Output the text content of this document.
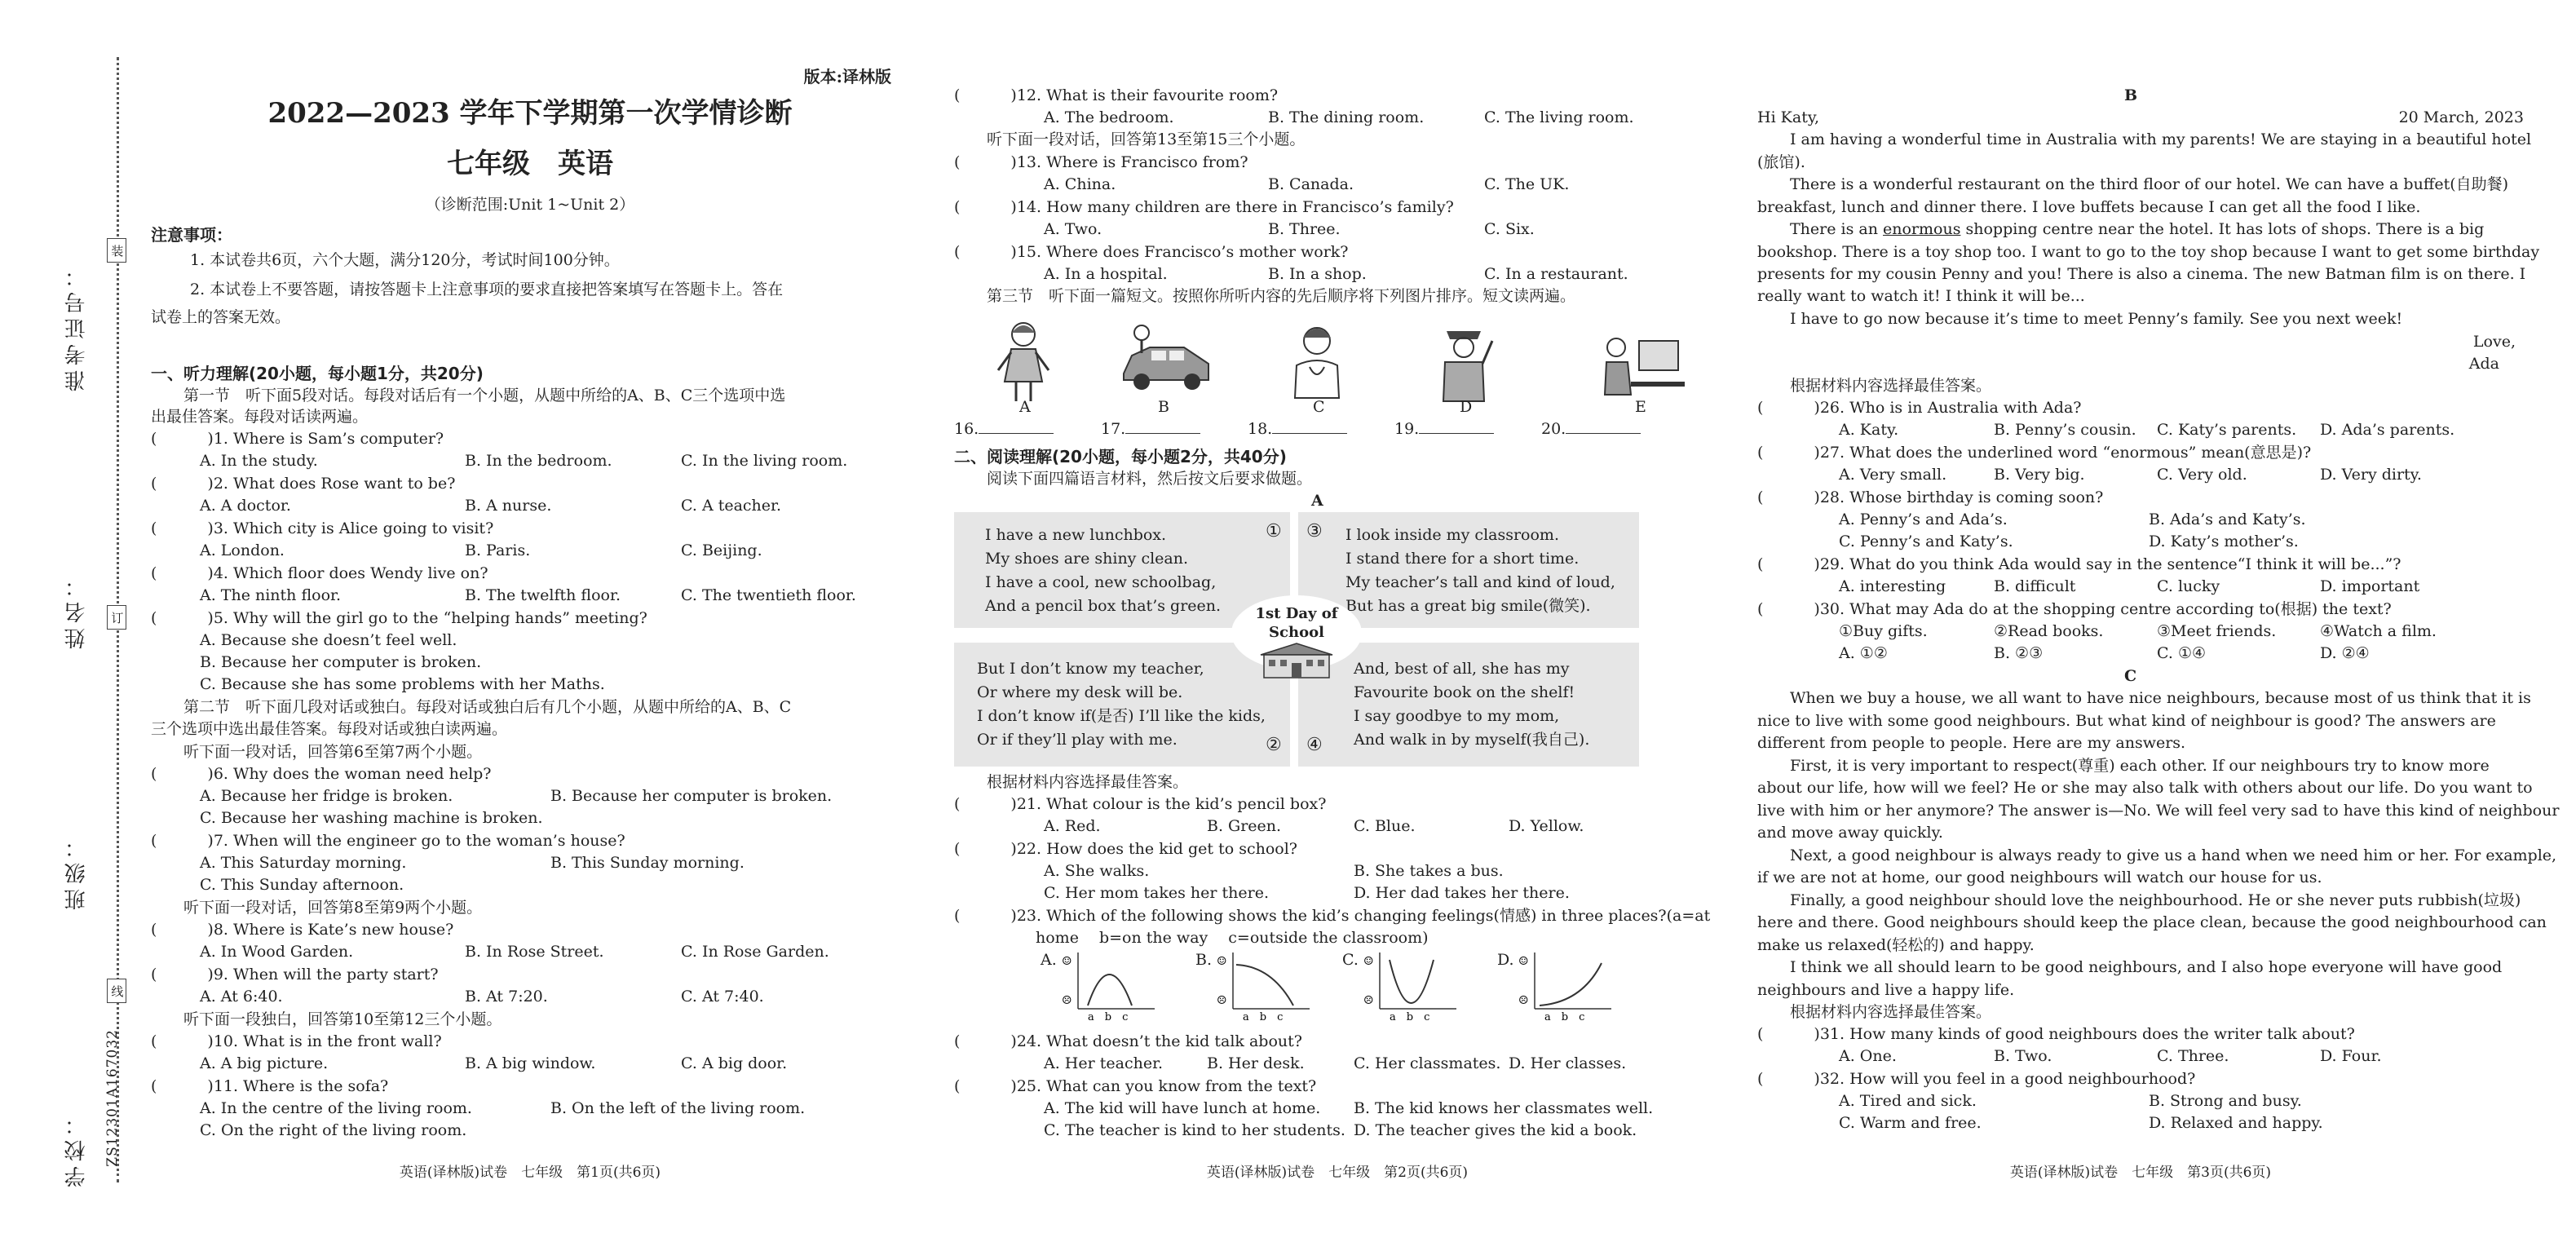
装
订
线
准考证号：
姓名：
班级：
学校： ZS12301A167032
版本:译林版
2022—2023 学年下学期第一次学情诊断
七年级　英语
（诊断范围:Unit 1~Unit 2）
注意事项：
1. 本试卷共6页，六个大题，满分120分，考试时间100分钟。
2. 本试卷上不要答题，请按答题卡上注意事项的要求直接把答案填写在答题卡上。答在
试卷上的答案无效。
一、听力理解(20小题，每小题1分，共20分)
第一节　听下面5段对话。每段对话后有一个小题，从题中所给的A、B、C三个选项中选
出最佳答案。每段对话读两遍。
(	)1. Where is Sam’s computer?
A. In the study.	B. In the bedroom.	C. In the living room.
(	)2. What does Rose want to be?
A. A doctor.	B. A nurse.	C. A teacher.
(	)3. Which city is Alice going to visit?
A. London.	B. Paris.	C. Beijing.
(	)4. Which floor does Wendy live on?
A. The ninth floor.	B. The twelfth floor.	C. The twentieth floor.
(	)5. Why will the girl go to the “helping hands” meeting?
A. Because she doesn’t feel well.
B. Because her computer is broken.
C. Because she has some problems with her Maths.
第二节　听下面几段对话或独白。每段对话或独白后有几个小题，从题中所给的A、B、C
三个选项中选出最佳答案。每段对话或独白读两遍。
听下面一段对话，回答第6至第7两个小题。
(	)6. Why does the woman need help?
A. Because her fridge is broken.	B. Because her computer is broken.
C. Because her washing machine is broken.
(	)7. When will the engineer go to the woman’s house?
A. This Saturday morning.	B. This Sunday morning.
C. This Sunday afternoon.
听下面一段对话，回答第8至第9两个小题。
(	)8. Where is Kate’s new house?
A. In Wood Garden.	B. In Rose Street.	C. In Rose Garden.
(	)9. When will the party start?
A. At 6:40.	B. At 7:20.	C. At 7:40.
听下面一段独白，回答第10至第12三个小题。
(	)10. What is in the front wall?
A. A big picture.	B. A big window.	C. A big door.
(	)11. Where is the sofa?
A. In the centre of the living room.	B. On the left of the living room.
C. On the right of the living room.
英语(译林版)试卷　七年级　第1页(共6页)
(	)12. What is their favourite room?
A. The bedroom.	B. The dining room.	C. The living room.
听下面一段对话，回答第13至第15三个小题。
(	)13. Where is Francisco from?
A. China.	B. Canada.	C. The UK.
(	)14. How many children are there in Francisco’s family?
A. Two.	B. Three.	C. Six.
(	)15. Where does Francisco’s mother work?
A. In a hospital.	B. In a shop.	C. In a restaurant.
第三节　听下面一篇短文。按照你所听内容的先后顺序将下列图片排序。短文读两遍。
A	B	C	D	E
16.	17.	18.	19.	20.
二、阅读理解(20小题，每小题2分，共40分)
阅读下面四篇语言材料，然后按文后要求做题。
A
I have a new lunchbox.
My shoes are shiny clean.
I have a cool, new schoolbag,
And a pencil box that’s green.
① ③ I look inside my classroom.
I stand there for a short time.
My teacher’s tall and kind of loud,
But has a great big smile(微笑).
But I don’t know my teacher,
Or where my desk will be.
I don’t know if(是否) I’ll like the kids,
Or if they’ll play with me.	② ④
And, best of all, she has my
Favourite book on the shelf!
I say goodbye to my mom,
And walk in by myself(我自己).
1st Day of School
根据材料内容选择最佳答案。
(	)21. What colour is the kid’s pencil box?
A. Red.	B. Green.	C. Blue.	D. Yellow.
(	)22. How does the kid get to school?
A. She walks.	B. She takes a bus.
C. Her mom takes her there.	D. Her dad takes her there.
(	)23. Which of the following shows the kid’s changing feelings(情感) in three places?(a=at
home　 b=on the way　 c=outside the classroom)
A. ☺
☹
a　b　c
B. ☺
☹
a　b　c
C. ☺
☹
a　b　c
D. ☺
☹
a　b　c
(	)24. What doesn’t the kid talk about?
A. Her teacher.	B. Her desk.	C. Her classmates. D. Her classes.
(	)25. What can you know from the text?
A. The kid will have lunch at home. B. The kid knows her classmates well.
C. The teacher is kind to her students. D. The teacher gives the kid a book.
英语(译林版)试卷　七年级　第2页(共6页)
B
Hi Katy,	20 March, 2023
I am having a wonderful time in Australia with my parents! We are staying in a beautiful hotel
(旅馆).
There is a wonderful restaurant on the third floor of our hotel. We can have a buffet(自助餐)
breakfast, lunch and dinner there. I love buffets because I can get all the food I like.
There is an enormous shopping centre near the hotel. It has lots of shops. There is a big
bookshop. There is a toy shop too. I want to go to the toy shop because I want to get some birthday
presents for my cousin Penny and you! There is also a cinema. The new Batman film is on there. I
really want to watch it! I think it will be...
I have to go now because it’s time to meet Penny’s family. See you next week!
Love,
Ada
根据材料内容选择最佳答案。
(	)26. Who is in Australia with Ada?
A. Katy.	B. Penny’s cousin. C. Katy’s parents. D. Ada’s parents.
(	)27. What does the underlined word “enormous” mean(意思是)?
A. Very small.	B. Very big.	C. Very old.	D. Very dirty.
(	)28. Whose birthday is coming soon?
A. Penny’s and Ada’s.	B. Ada’s and Katy’s.
C. Penny’s and Katy’s.	D. Katy’s mother’s.
(	)29. What do you think Ada would say in the sentence“I think it will be...”?
A. interesting	B. difficult	C. lucky	D. important
(	)30. What may Ada do at the shopping centre according to(根据) the text?
①Buy gifts.	②Read books.	③Meet friends.	④Watch a film.
A. ①②	B. ②③	C. ①④	D. ②④
C
When we buy a house, we all want to have nice neighbours, because most of us think that it is
nice to live with some good neighbours. But what kind of neighbour is good? The answers are
different from people to people. Here are my answers.
First, it is very important to respect(尊重) each other. If our neighbours try to know more
about our life, how will we feel? He or she may also talk with others about our life. Do you want to
live with him or her anymore? The answer is—No. We will feel very sad to have this kind of neighbour
and move away quickly.
Next, a good neighbour is always ready to give us a hand when we need him or her. For example,
if we are not at home, our good neighbours will watch our house for us.
Finally, a good neighbour should love the neighbourhood. He or she never puts rubbish(垃圾)
here and there. Good neighbours should keep the place clean, because the good neighbourhood can
make us relaxed(轻松的) and happy.
I think we all should learn to be good neighbours, and I also hope everyone will have good
neighbours and live a happy life.
根据材料内容选择最佳答案。
(	)31. How many kinds of good neighbours does the writer talk about?
A. One.	B. Two.	C. Three.	D. Four.
(	)32. How will you feel in a good neighbourhood?
A. Tired and sick.	B. Strong and busy.
C. Warm and free.	D. Relaxed and happy.
英语(译林版)试卷　七年级　第3页(共6页)
